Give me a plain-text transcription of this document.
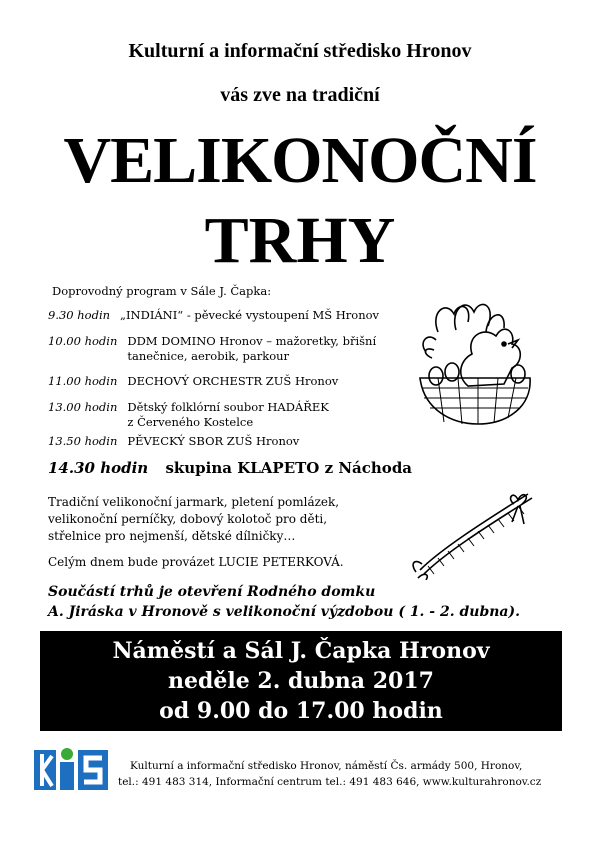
Kulturní a informační středisko Hronov
vás zve na tradiční
VELIKONOČNÍ
TRHY
Doprovodný program v Sále J. Čapka:
9.30 hodin „INDIÁNI“ - pěvecké vystoupení MŠ Hronov
10.00 hodin DDM DOMINO Hronov – mažoretky, břišní
tanečnice, aerobik, parkour
11.00 hodin DECHOVÝ ORCHESTR ZUŠ Hronov
13.00 hodin Dětský folklórní soubor HADÁŘEK
z Červeného Kostelce
13.50 hodin PĚVECKÝ SBOR ZUŠ Hronov
14.30 hodin skupina KLAPETO z Náchoda
Tradiční velikonoční jarmark, pletení pomlázek,
velikonoční perníčky, dobový kolotoč pro děti,
střelnice pro nejmenší, dětské dílničky…
Celým dnem bude provázet LUCIE PETERKOVÁ.
Součástí trhů je otevření Rodného domku
A. Jiráska v Hronově s velikonoční výzdobou ( 1. - 2. dubna).
Náměstí a Sál J. Čapka Hronov
neděle 2. dubna 2017
od 9.00 do 17.00 hodin
Kulturní a informační středisko Hronov, náměstí Čs. armády 500, Hronov,
tel.: 491 483 314, Informační centrum tel.: 491 483 646, www.kulturahronov.cz
